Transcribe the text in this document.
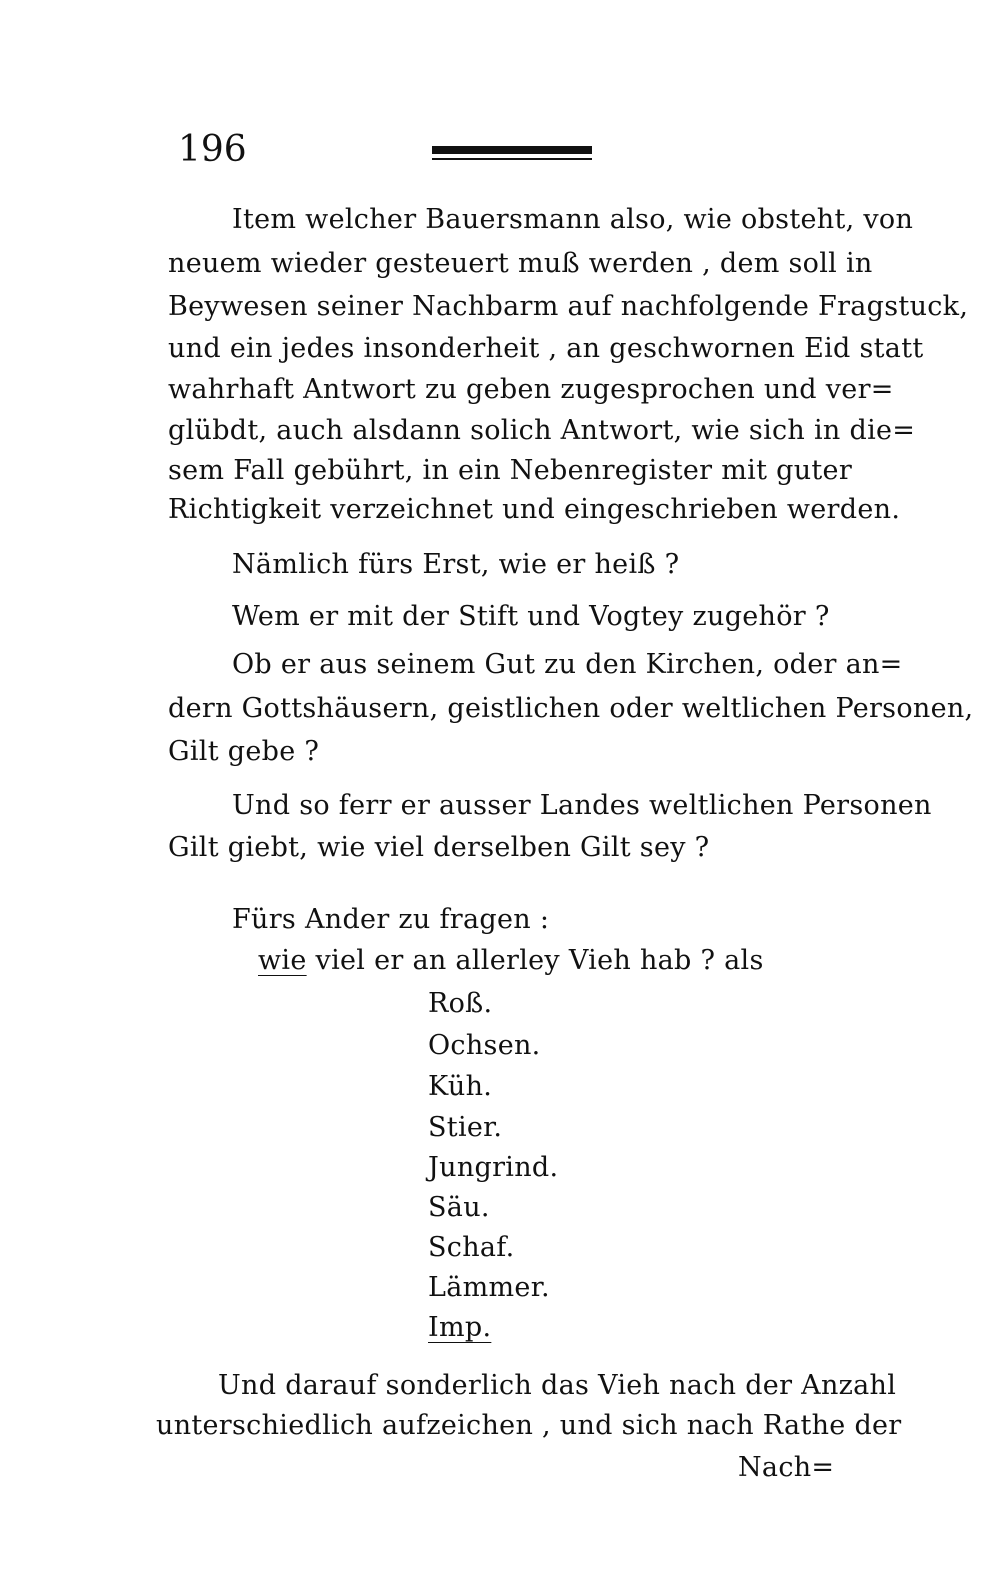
196
Item welcher Bauersmann also, wie obsteht, von
neuem wieder gesteuert muß werden , dem soll in
Beywesen seiner Nachbarm auf nachfolgende Fragstuck,
und ein jedes insonderheit , an geschwornen Eid statt
wahrhaft Antwort zu geben zugesprochen und ver=
glübdt, auch alsdann solich Antwort, wie sich in die=
sem Fall gebührt, in ein Nebenregister mit guter
Richtigkeit verzeichnet und eingeschrieben werden.
Nämlich fürs Erst, wie er heiß ?
Wem er mit der Stift und Vogtey zugehör ?
Ob er aus seinem Gut zu den Kirchen, oder an=
dern Gottshäusern, geistlichen oder weltlichen Personen,
Gilt gebe ?
Und so ferr er ausser Landes weltlichen Personen
Gilt giebt, wie viel derselben Gilt sey ?
Fürs Ander zu fragen :
wie viel er an allerley Vieh hab ? als
Roß.
Ochsen.
Küh.
Stier.
Jungrind.
Säu.
Schaf.
Lämmer.
Imp.
Und darauf sonderlich das Vieh nach der Anzahl
unterschiedlich aufzeichen , und sich nach Rathe der
Nach=
